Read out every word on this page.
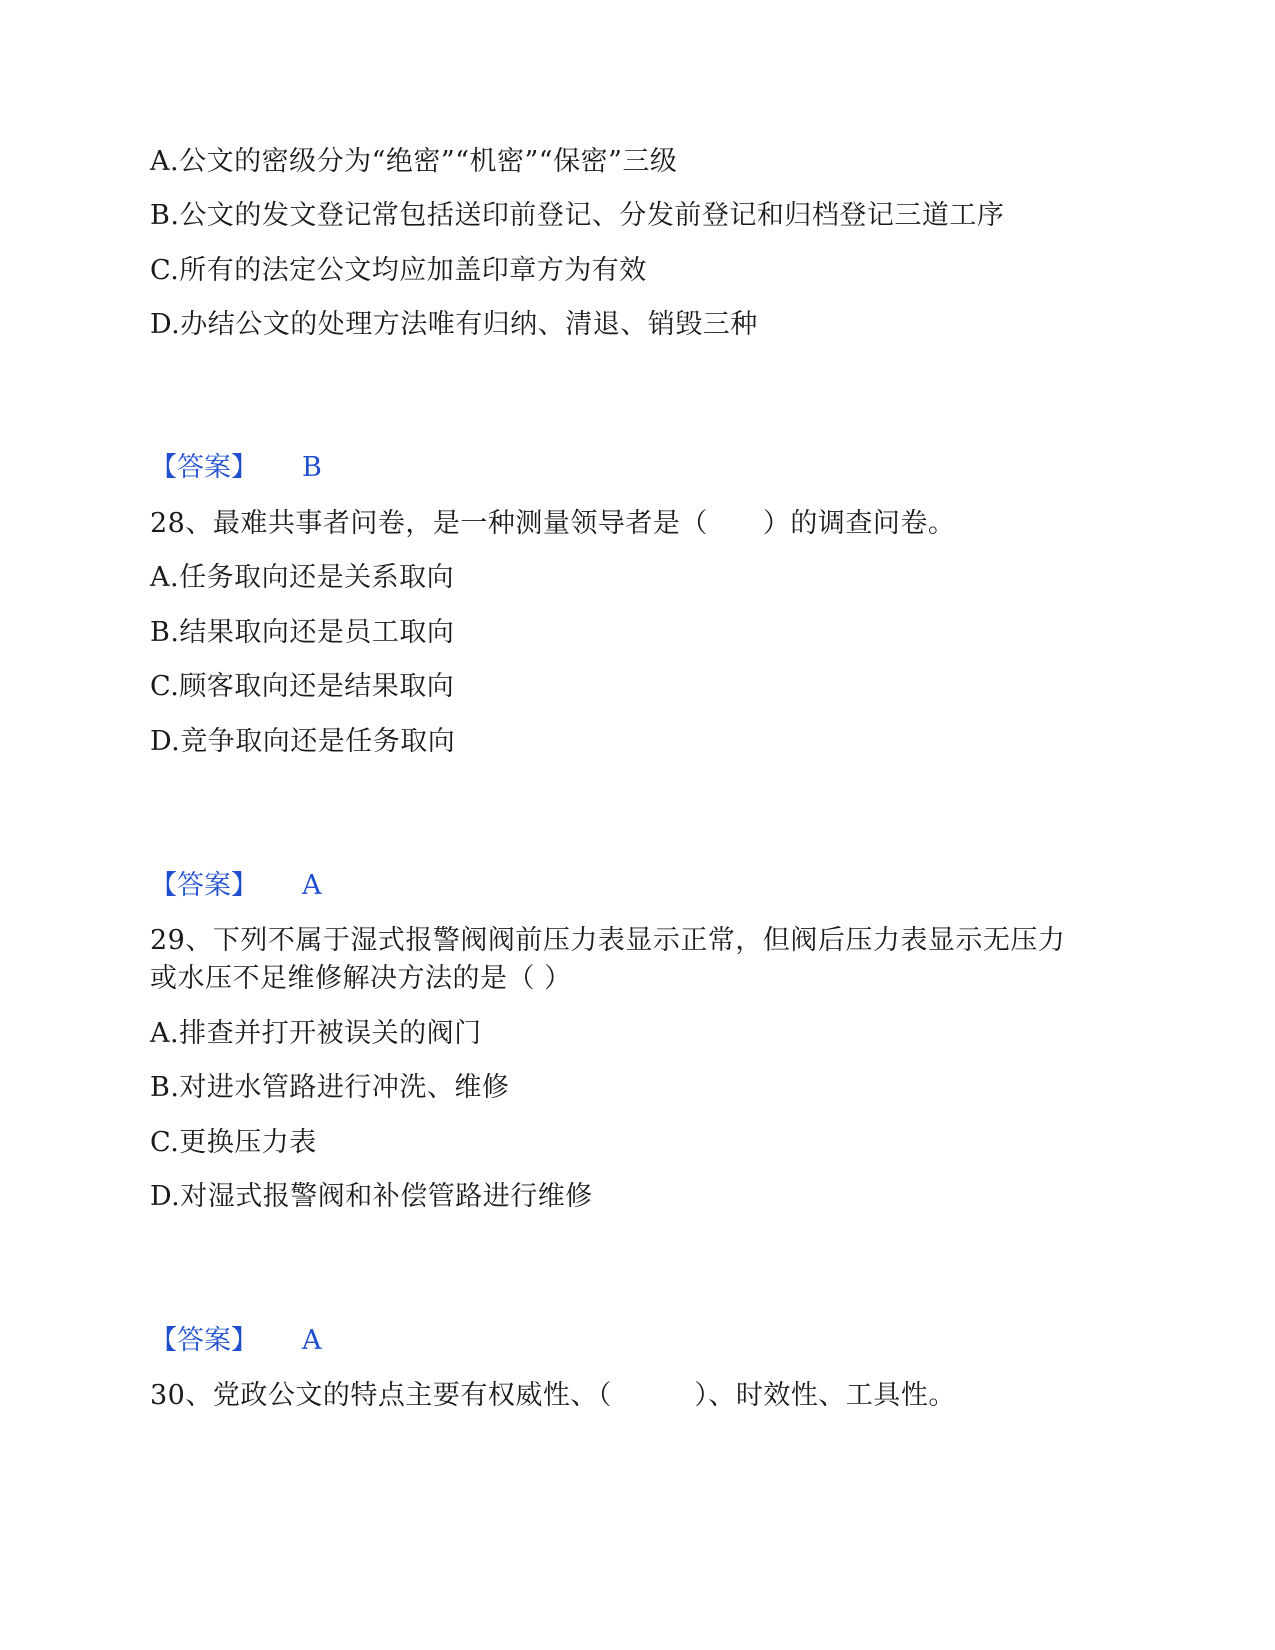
A.公文的密级分为“绝密”“机密”“保密”三级
B.公文的发文登记常包括送印前登记、分发前登记和归档登记三道工序
C.所有的法定公文均应加盖印章方为有效
D.办结公文的处理方法唯有归纳、清退、销毁三种
【答案】 B
28、最难共事者问卷，是一种测量领导者是（　　）的调查问卷。
A.任务取向还是关系取向
B.结果取向还是员工取向
C.顾客取向还是结果取向
D.竞争取向还是任务取向
【答案】 A
29、下列不属于湿式报警阀阀前压力表显示正常，但阀后压力表显示无压力
或水压不足维修解决方法的是（ ）
A.排查并打开被误关的阀门
B.对进水管路进行冲洗、维修
C.更换压力表
D.对湿式报警阀和补偿管路进行维修
【答案】 A
30、党政公文的特点主要有权威性、（　　　）、时效性、工具性。
